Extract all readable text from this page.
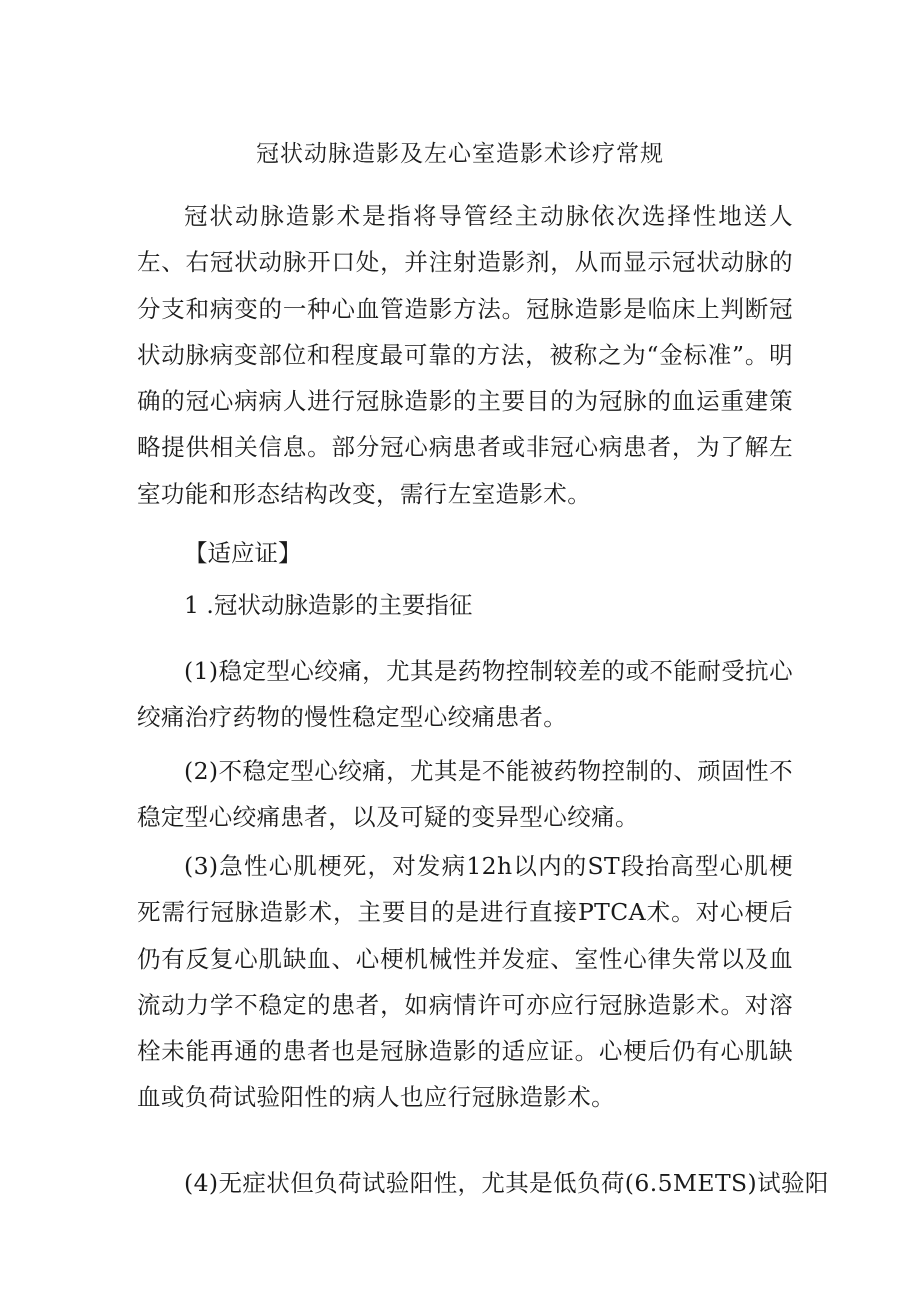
冠状动脉造影及左心室造影术诊疗常规

冠状动脉造影术是指将导管经主动脉依次选择性地送人左、右冠状动脉开口处，并注射造影剂，从而显示冠状动脉的分支和病变的一种心血管造影方法。冠脉造影是临床上判断冠状动脉病变部位和程度最可靠的方法，被称之为“金标准”。明确的冠心病病人进行冠脉造影的主要目的为冠脉的血运重建策略提供相关信息。部分冠心病患者或非冠心病患者，为了解左室功能和形态结构改变，需行左室造影术。

【适应证】

1 .冠状动脉造影的主要指征

(1)稳定型心绞痛，尤其是药物控制较差的或不能耐受抗心绞痛治疗药物的慢性稳定型心绞痛患者。

(2)不稳定型心绞痛，尤其是不能被药物控制的、顽固性不稳定型心绞痛患者，以及可疑的变异型心绞痛。

(3)急性心肌梗死，对发病12h以内的ST段抬高型心肌梗死需行冠脉造影术，主要目的是进行直接PTCA术。对心梗后仍有反复心肌缺血、心梗机械性并发症、室性心律失常以及血流动力学不稳定的患者，如病情许可亦应行冠脉造影术。对溶栓未能再通的患者也是冠脉造影的适应证。心梗后仍有心肌缺血或负荷试验阳性的病人也应行冠脉造影术。

(4)无症状但负荷试验阳性，尤其是低负荷(6.5METS)试验阳
